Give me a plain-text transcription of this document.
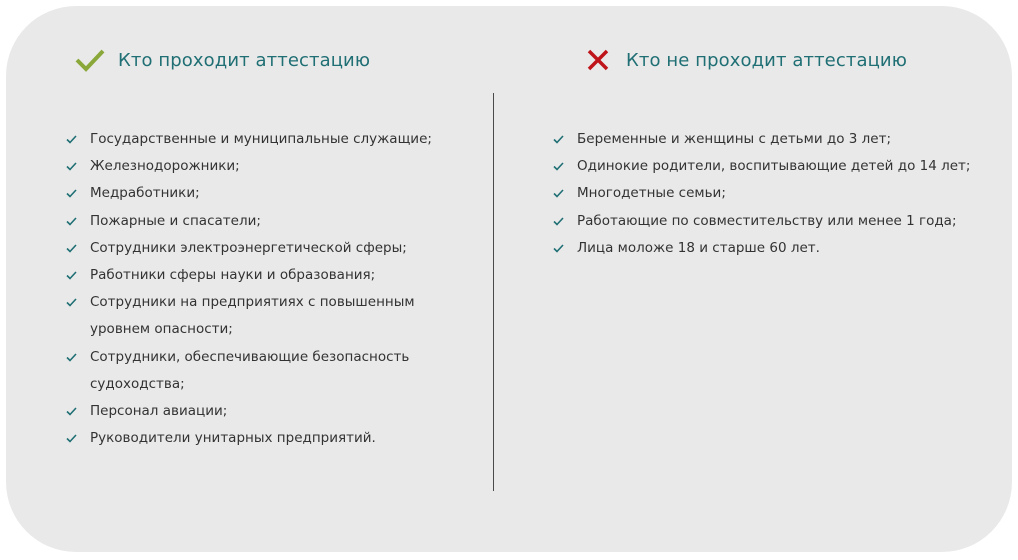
Кто проходит аттестацию	Кто не проходит аттестацию
Государственные и муниципальные служащие;
Железнодорожники;
Медработники;
Пожарные и спасатели;
Сотрудники электроэнергетической сферы;
Работники сферы науки и образования;
Сотрудники на предприятиях с повышенным уровнем опасности;
Сотрудники, обеспечивающие безопасность судоходства;
Персонал авиации;
Руководители унитарных предприятий.
Беременные и женщины с детьми до 3 лет;
Одинокие родители, воспитывающие детей до 14 лет;
Многодетные семьи;
Работающие по совместительству или менее 1 года;
Лица моложе 18 и старше 60 лет.
